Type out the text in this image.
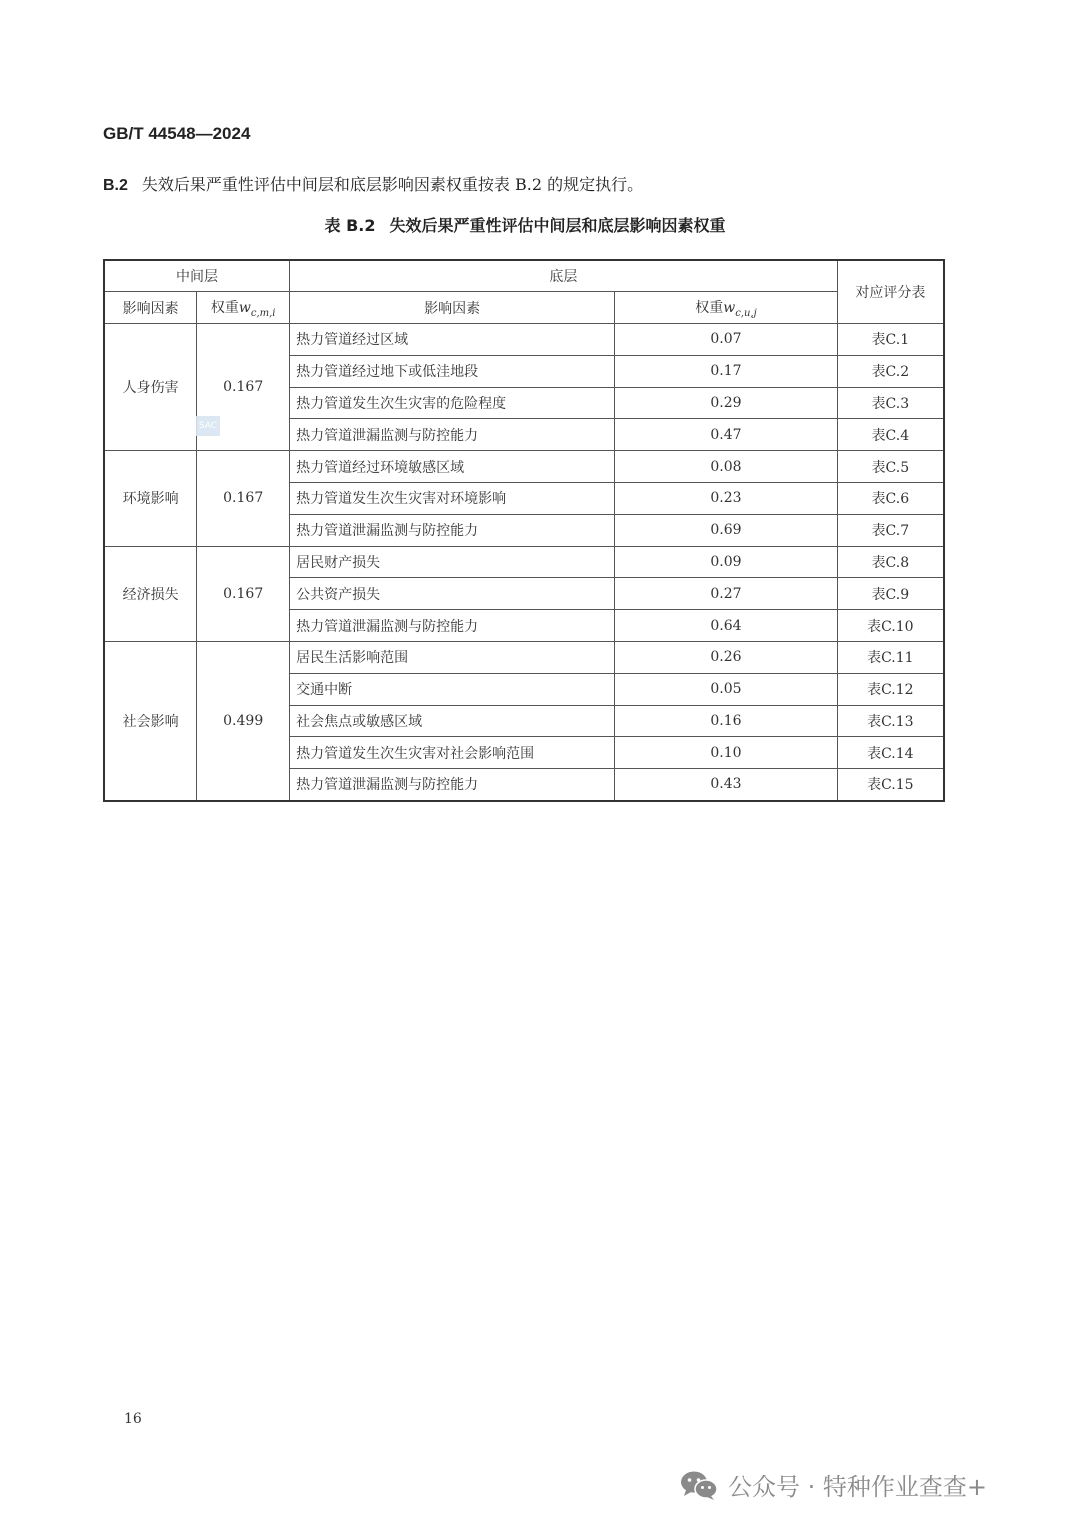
GB/T 44548—2024
B.2 失效后果严重性评估中间层和底层影响因素权重按表 B.2 的规定执行。
表 B.2 失效后果严重性评估中间层和底层影响因素权重
中间层		底层		对应评分表
影响因素	权重$w_{c,m,i}$	影响因素	权重$w_{c,u,j}$
人身伤害	0.167	热力管道经过区域	0.07	表C.1
		热力管道经过地下或低洼地段	0.17	表C.2
		热力管道发生次生灾害的危险程度	0.29	表C.3
		热力管道泄漏监测与防控能力	0.47	表C.4
环境影响	0.167	热力管道经过环境敏感区域	0.08	表C.5
		热力管道发生次生灾害对环境影响	0.23	表C.6
		热力管道泄漏监测与防控能力	0.69	表C.7
经济损失	0.167	居民财产损失	0.09	表C.8
		公共资产损失	0.27	表C.9
		热力管道泄漏监测与防控能力	0.64	表C.10
社会影响	0.499	居民生活影响范围	0.26	表C.11
		交通中断	0.05	表C.12
		社会焦点或敏感区域	0.16	表C.13
		热力管道发生次生灾害对社会影响范围	0.10	表C.14
		热力管道泄漏监测与防控能力	0.43	表C.15
SAC
16
公众号 · 特种作业查查+
